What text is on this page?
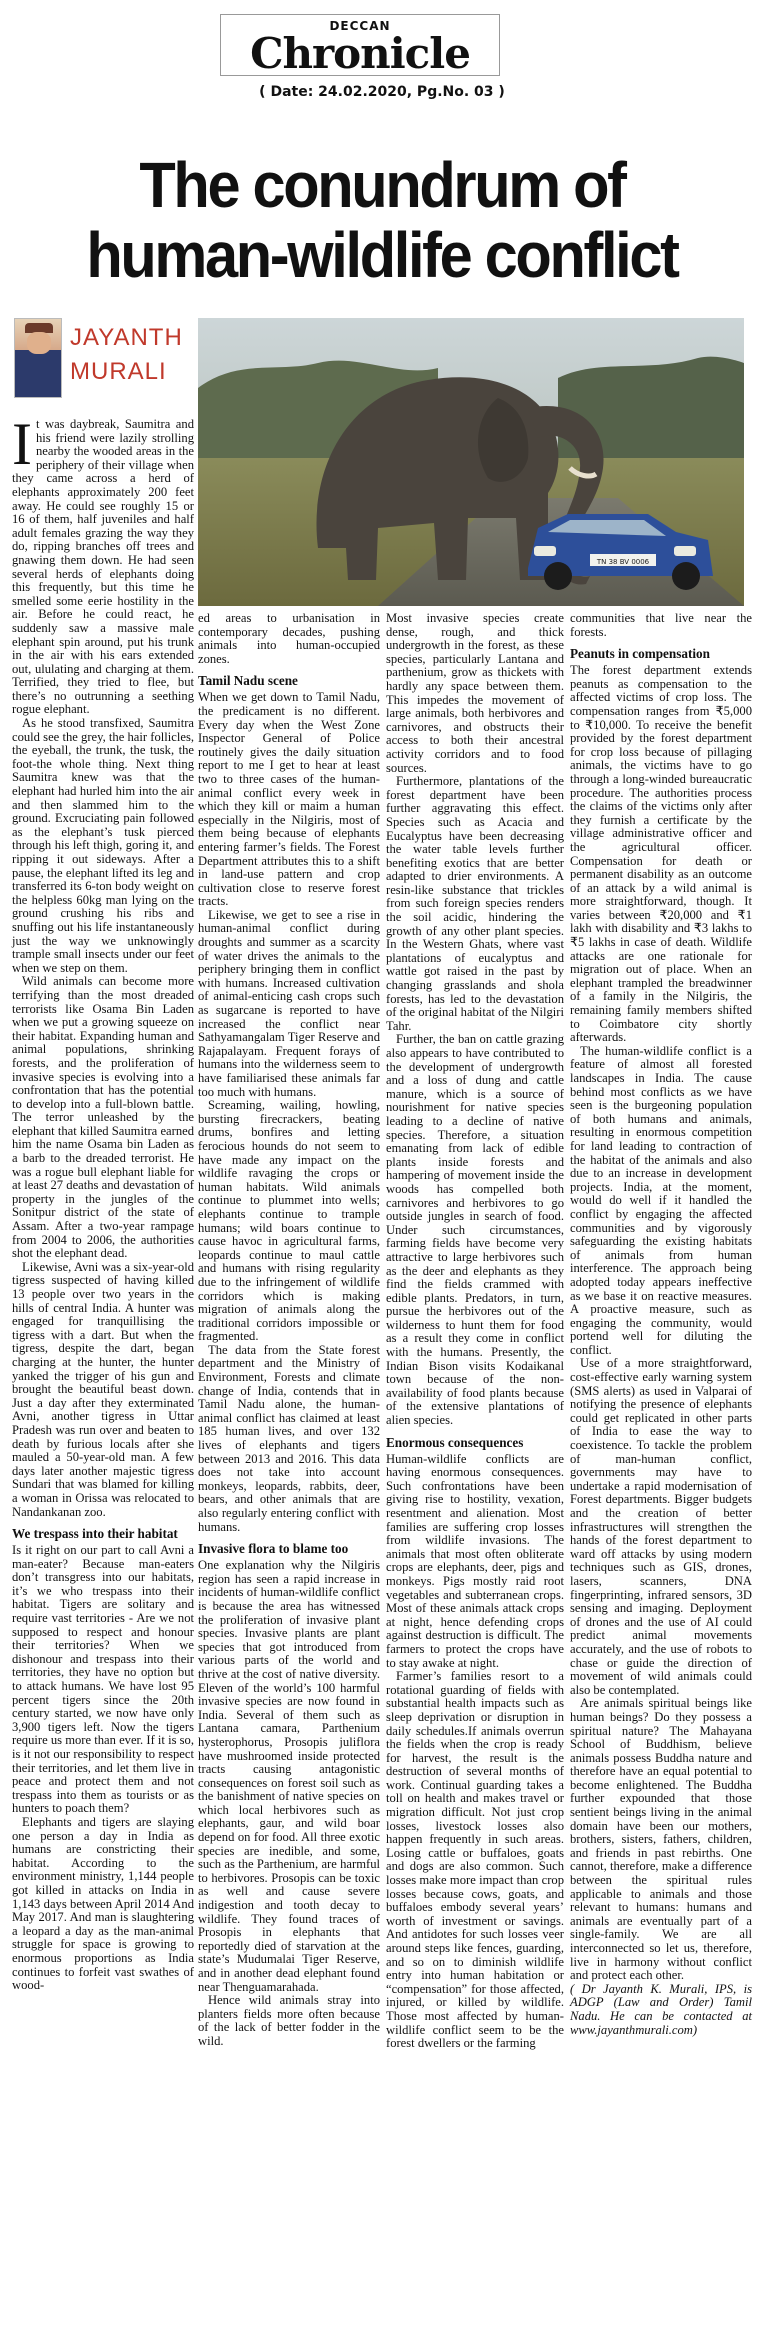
DECCAN
Chronicle
( Date: 24.02.2020, Pg.No. 03 )
The conundrum of
human-wildlife conflict
JAYANTH
MURALI
TN 38 BV 0006

It was daybreak, Saumitra and his friend were lazily strolling nearby the wooded areas in the periphery of their village when they came across a herd of elephants approximately 200 feet away. He could see roughly 15 or 16 of them, half juveniles and half adult females grazing the way they do, ripping branches off trees and gnawing them down. He had seen several herds of elephants doing this frequently, but this time he smelled some eerie hostility in the air. Before he could react, he suddenly saw a massive male elephant spin around, put his trunk in the air with his ears extended out, ululating and charging at them. Terrified, they tried to flee, but there’s no outrunning a seething rogue elephant.

As he stood transfixed, Saumitra could see the grey, the hair follicles, the eyeball, the trunk, the tusk, the foot-the whole thing. Next thing Saumitra knew was that the elephant had hurled him into the air and then slammed him to the ground. Excruciating pain followed as the elephant’s tusk pierced through his left thigh, goring it, and ripping it out sideways. After a pause, the elephant lifted its leg and transferred its 6-ton body weight on the helpless 60kg man lying on the ground crushing his ribs and snuffing out his life instantaneously just the way we unknowingly trample small insects under our feet when we step on them.

Wild animals can become more terrifying than the most dreaded terrorists like Osama Bin Laden when we put a growing squeeze on their habitat. Expanding human and animal populations, shrinking forests, and the proliferation of invasive species is evolving into a confrontation that has the potential to develop into a full-blown battle. The terror unleashed by the elephant that killed Saumitra earned him the name Osama bin Laden as a barb to the dreaded terrorist. He was a rogue bull elephant liable for at least 27 deaths and devastation of property in the jungles of the Sonitpur district of the state of Assam. After a two-year rampage from 2004 to 2006, the authorities shot the elephant dead.

Likewise, Avni was a six-year-old tigress suspected of having killed 13 people over two years in the hills of central India. A hunter was engaged for tranquillising the tigress with a dart. But when the tigress, despite the dart, began charging at the hunter, the hunter yanked the trigger of his gun and brought the beautiful beast down. Just a day after they exterminated Avni, another tigress in Uttar Pradesh was run over and beaten to death by furious locals after she mauled a 50-year-old man. A few days later another majestic tigress Sundari that was blamed for killing a woman in Orissa was relocated to Nandankanan zoo.

We trespass into their habitat

Is it right on our part to call Avni a man-eater? Because man-eaters don’t transgress into our habitats, it’s we who trespass into their habitat. Tigers are solitary and require vast territories - Are we not supposed to respect and honour their territories? When we dishonour and trespass into their territories, they have no option but to attack humans. We have lost 95 percent tigers since the 20th century started, we now have only 3,900 tigers left. Now the tigers require us more than ever. If it is so, is it not our responsibility to respect their territories, and let them live in peace and protect them and not trespass into them as tourists or as hunters to poach them?

Elephants and tigers are slaying one person a day in India as humans are constricting their habitat. According to the environment ministry, 1,144 people got killed in attacks on India in 1,143 days between April 2014 And May 2017. And man is slaughtering a leopard a day as the man-animal struggle for space is growing to enormous proportions as India continues to forfeit vast swathes of wood-

ed areas to urbanisation in contemporary decades, pushing animals into human-occupied zones.

Tamil Nadu scene

When we get down to Tamil Nadu, the predicament is no different. Every day when the West Zone Inspector General of Police routinely gives the daily situation report to me I get to hear at least two to three cases of the human-animal conflict every week in which they kill or maim a human especially in the Nilgiris, most of them being because of elephants entering farmer’s fields. The Forest Department attributes this to a shift in land-use pattern and crop cultivation close to reserve forest tracts.

Likewise, we get to see a rise in human-animal conflict during droughts and summer as a scarcity of water drives the animals to the periphery bringing them in conflict with humans. Increased cultivation of animal-enticing cash crops such as sugarcane is reported to have increased the conflict near Sathyamangalam Tiger Reserve and Rajapalayam. Frequent forays of humans into the wilderness seem to have familiarised these animals far too much with humans.

Screaming, wailing, howling, bursting firecrackers, beating drums, bonfires and letting ferocious hounds do not seem to have made any impact on the wildlife ravaging the crops or human habitats. Wild animals continue to plummet into wells; elephants continue to trample humans; wild boars continue to cause havoc in agricultural farms, leopards continue to maul cattle and humans with rising regularity due to the infringement of wildlife corridors which is making migration of animals along the traditional corridors impossible or fragmented.

The data from the State forest department and the Ministry of Environment, Forests and climate change of India, contends that in Tamil Nadu alone, the human-animal conflict has claimed at least 185 human lives, and over 132 lives of elephants and tigers between 2013 and 2016. This data does not take into account monkeys, leopards, rabbits, deer, bears, and other animals that are also regularly entering conflict with humans.

Invasive flora to blame too

One explanation why the Nilgiris region has seen a rapid increase in incidents of human-wildlife conflict is because the area has witnessed the proliferation of invasive plant species. Invasive plants are plant species that got introduced from various parts of the world and thrive at the cost of native diversity. Eleven of the world’s 100 harmful invasive species are now found in India. Several of them such as Lantana camara, Parthenium hysterophorus, Prosopis juliflora have mushroomed inside protected tracts causing antagonistic consequences on forest soil such as the banishment of native species on which local herbivores such as elephants, gaur, and wild boar depend on for food. All three exotic species are inedible, and some, such as the Parthenium, are harmful to herbivores. Prosopis can be toxic as well and cause severe indigestion and tooth decay to wildlife. They found traces of Prosopis in elephants that reportedly died of starvation at the state’s Mudumalai Tiger Reserve, and in another dead elephant found near Thenguamarahada.

Hence wild animals stray into planters fields more often because of the lack of better fodder in the wild.

Most invasive species create dense, rough, and thick undergrowth in the forest, as these species, particularly Lantana and parthenium, grow as thickets with hardly any space between them. This impedes the movement of large animals, both herbivores and carnivores, and obstructs their access to both their ancestral activity corridors and to food sources.

Furthermore, plantations of the forest department have been further aggravating this effect. Species such as Acacia and Eucalyptus have been decreasing the water table levels further benefiting exotics that are better adapted to drier environments. A resin-like substance that trickles from such foreign species renders the soil acidic, hindering the growth of any other plant species. In the Western Ghats, where vast plantations of eucalyptus and wattle got raised in the past by changing grasslands and shola forests, has led to the devastation of the original habitat of the Nilgiri Tahr.

Further, the ban on cattle grazing also appears to have contributed to the development of undergrowth and a loss of dung and cattle manure, which is a source of nourishment for native species leading to a decline of native species. Therefore, a situation emanating from lack of edible plants inside forests and hampering of movement inside the woods has compelled both carnivores and herbivores to go outside jungles in search of food. Under such circumstances, farming fields have become very attractive to large herbivores such as the deer and elephants as they find the fields crammed with edible plants. Predators, in turn, pursue the herbivores out of the wilderness to hunt them for food as a result they come in conflict with the humans. Presently, the Indian Bison visits Kodaikanal town because of the non-availability of food plants because of the extensive plantations of alien species.

Enormous consequences

Human-wildlife conflicts are having enormous consequences. Such confrontations have been giving rise to hostility, vexation, resentment and alienation. Most families are suffering crop losses from wildlife invasions. The animals that most often obliterate crops are elephants, deer, pigs and monkeys. Pigs mostly raid root vegetables and subterranean crops. Most of these animals attack crops at night, hence defending crops against destruction is difficult. The farmers to protect the crops have to stay awake at night.

Farmer’s families resort to a rotational guarding of fields with substantial health impacts such as sleep deprivation or disruption in daily schedules.If animals overrun the fields when the crop is ready for harvest, the result is the destruction of several months of work. Continual guarding takes a toll on health and makes travel or migration difficult. Not just crop losses, livestock losses also happen frequently in such areas. Losing cattle or buffaloes, goats and dogs are also common. Such losses make more impact than crop losses because cows, goats, and buffaloes embody several years’ worth of investment or savings. And antidotes for such losses veer around steps like fences, guarding, and so on to diminish wildlife entry into human habitation or “compensation” for those affected, injured, or killed by wildlife. Those most affected by human-wildlife conflict seem to be the forest dwellers or the farming

communities that live near the forests.

Peanuts in compensation

The forest department extends peanuts as compensation to the affected victims of crop loss. The compensation ranges from ₹5,000 to ₹10,000. To receive the benefit provided by the forest department for crop loss because of pillaging animals, the victims have to go through a long-winded bureaucratic procedure. The authorities process the claims of the victims only after they furnish a certificate by the village administrative officer and the agricultural officer. Compensation for death or permanent disability as an outcome of an attack by a wild animal is more straightforward, though. It varies between ₹20,000 and ₹1 lakh with disability and ₹3 lakhs to ₹5 lakhs in case of death. Wildlife attacks are one rationale for migration out of place. When an elephant trampled the breadwinner of a family in the Nilgiris, the remaining family members shifted to Coimbatore city shortly afterwards.

The human-wildlife conflict is a feature of almost all forested landscapes in India. The cause behind most conflicts as we have seen is the burgeoning population of both humans and animals, resulting in enormous competition for land leading to contraction of the habitat of the animals and also due to an increase in development projects. India, at the moment, would do well if it handled the conflict by engaging the affected communities and by vigorously safeguarding the existing habitats of animals from human interference. The approach being adopted today appears ineffective as we base it on reactive measures. A proactive measure, such as engaging the community, would portend well for diluting the conflict.

Use of a more straightforward, cost-effective early warning system (SMS alerts) as used in Valparai of notifying the presence of elephants could get replicated in other parts of India to ease the way to coexistence. To tackle the problem of man-human conflict, governments may have to undertake a rapid modernisation of Forest departments. Bigger budgets and the creation of better infrastructures will strengthen the hands of the forest department to ward off attacks by using modern techniques such as GIS, drones, lasers, scanners, DNA fingerprinting, infrared sensors, 3D sensing and imaging. Deployment of drones and the use of AI could predict animal movements accurately, and the use of robots to chase or guide the direction of movement of wild animals could also be contemplated.

Are animals spiritual beings like human beings? Do they possess a spiritual nature? The Mahayana School of Buddhism, believe animals possess Buddha nature and therefore have an equal potential to become enlightened. The Buddha further expounded that those sentient beings living in the animal domain have been our mothers, brothers, sisters, fathers, children, and friends in past rebirths. One cannot, therefore, make a difference between the spiritual rules applicable to animals and those relevant to humans: humans and animals are eventually part of a single-family. We are all interconnected so let us, therefore, live in harmony without conflict and protect each other.

( Dr Jayanth K. Murali, IPS, is ADGP (Law and Order) Tamil Nadu. He can be contacted at www.jayanthmurali.com)
